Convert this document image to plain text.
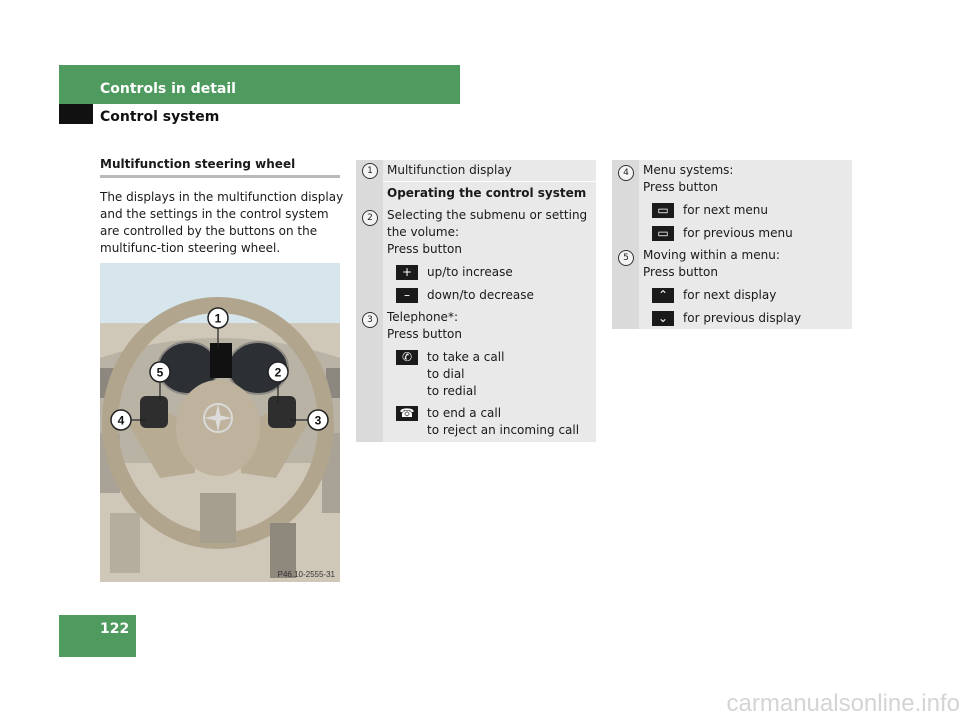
Controls in detail
Control system
Multifunction steering wheel
The displays in the multifunction display and the settings in the control system are controlled by the buttons on the multifunc-tion steering wheel.
1
2
3
4
5
P46.10-2555-31
1	Multifunction display
Operating the control system
2	Selecting the submenu or setting
the volume:
Press button
+	up/to increase
–	down/to decrease
3	Telephone*:
Press button
✆	to take a call
to dial
to redial
☎ to end a call
to reject an incoming call
4	Menu systems:
Press button
▭	for next menu
▭	for previous menu
5	Moving within a menu:
Press button
⌃	for next display
⌄	for previous display
122
carmanualsonline.info
